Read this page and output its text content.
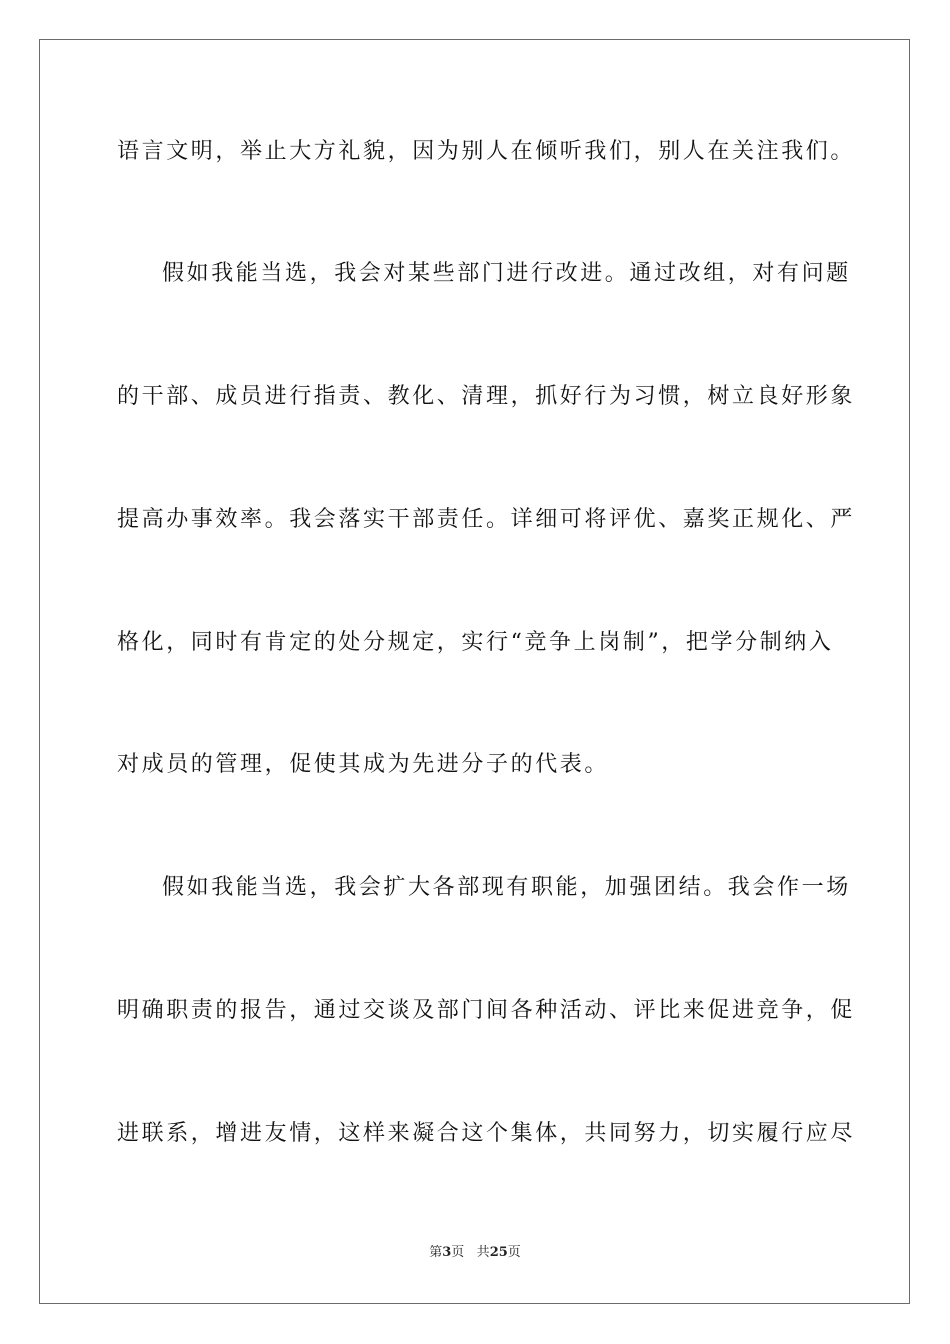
语言文明，举止大方礼貌，因为别人在倾听我们，别人在关注我们。
假如我能当选，我会对某些部门进行改进。通过改组，对有问题
的干部、成员进行指责、教化、清理，抓好行为习惯，树立良好形象
提高办事效率。我会落实干部责任。详细可将评优、嘉奖正规化、严
格化，同时有肯定的处分规定，实行“竞争上岗制”，把学分制纳入
对成员的管理，促使其成为先进分子的代表。
假如我能当选，我会扩大各部现有职能，加强团结。我会作一场
明确职责的报告，通过交谈及部门间各种活动、评比来促进竞争，促
进联系，增进友情，这样来凝合这个集体，共同努力，切实履行应尽
第3页 共25页
